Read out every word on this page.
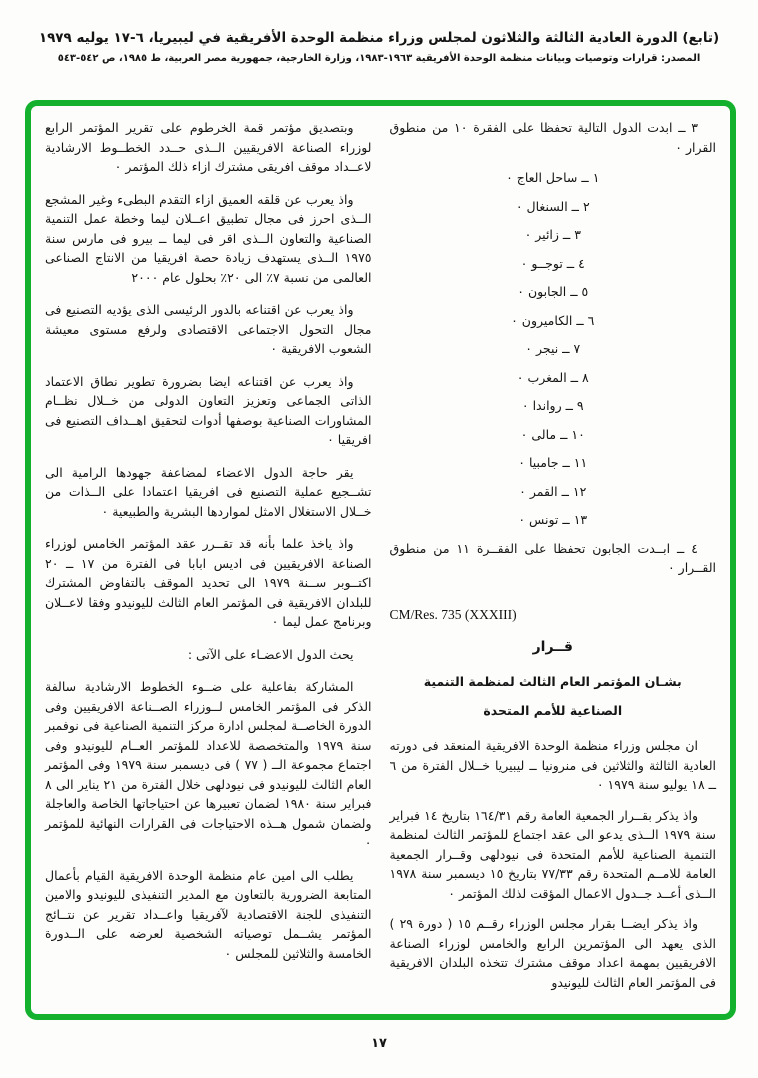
(تابع) الدورة العادية الثالثة والثلاثون لمجلس وزراء منظمة الوحدة الأفريقية في ليبيريا، ٦-١٧ يوليه ١٩٧٩
المصدر: قرارات وتوصيات وبيانات منظمة الوحدة الأفريقية ١٩٦٣-١٩٨٣، وزارة الخارجية، جمهورية مصر العربية، ط ١٩٨٥، ص ٥٤٢-٥٤٣
٣ ــ ابدت الدول التالية تحفظا على الفقرة ١٠ من منطوق القرار ٠
١ ــ ساحل العاج ٠
٢ ــ السنغال ٠
٣ ــ زائير ٠
٤ ــ توجــو ٠
٥ ــ الجابون ٠
٦ ــ الكاميرون ٠
٧ ــ نيجر ٠
٨ ــ المغرب ٠
٩ ــ رواندا ٠
١٠ ــ مالى ٠
١١ ــ جامبيا ٠
١٢ ــ القمر ٠
١٣ ــ تونس ٠
٤ ــ ابــدت الجابون تحفظا على الفقــرة ١١ من منطوق القــرار ٠
CM/Res. 735 (XXXIII)
قــرار
بشـان المؤتمر العام الثالث لمنظمة التنمية
الصناعية للأمم المتحدة
ان مجلس وزراء منظمة الوحدة الافريقية المنعقد فى دورته العادية الثالثة والثلاثين فى منرونيا ــ ليبيريا خــلال الفترة من ٦ ــ ١٨ يوليو سنة ١٩٧٩ ٠
واذ يذكر بقــرار الجمعية العامة رقم ١٦٤/٣١ بتاريخ ١٤ فبراير سنة ١٩٧٩ الــذى يدعو الى عقد اجتماع للمؤتمر الثالث لمنظمة التنمية الصناعية للأمم المتحدة فى نيودلهى وقــرار الجمعية العامة للامــم المتحدة رقم ٧٧/٣٣ بتاريخ ١٥ ديسمبر سنة ١٩٧٨ الــذى أعــد جــدول الاعمال المؤقت لذلك المؤتمر ٠
واذ يذكر ايضــا بقرار مجلس الوزراء رقــم ١٥ ( دورة ٢٩ ) الذى يعهد الى المؤتمرين الرابع والخامس لوزراء الصناعة الافريقيين بمهمة اعداد موقف مشترك تتخذه البلدان الافريقية فى المؤتمر العام الثالث لليونيدو
وبتصديق مؤتمر قمة الخرطوم على تقرير المؤتمر الرابع لوزراء الصناعة الافريقيين الــذى حــدد الخطــوط الارشادية لاعــداد موقف افريقى مشترك ازاء ذلك المؤتمر ٠
واذ يعرب عن قلقه العميق ازاء التقدم البطىء وغير المشجع الــذى احرز فى مجال تطبيق اعــلان ليما وخطة عمل التنمية الصناعية والتعاون الــذى اقر فى ليما ــ بيرو فى مارس سنة ١٩٧٥ الــذى يستهدف زيادة حصة افريقيا من الانتاج الصناعى العالمى من نسبة ٧٪ الى ٢٠٪ بحلول عام ٢٠٠٠
واذ يعرب عن اقتناعه بالدور الرئيسى الذى يؤديه التصنيع فى مجال التحول الاجتماعى الاقتصادى ولرفع مستوى معيشة الشعوب الافريقية ٠
واذ يعرب عن اقتناعه ايضا بضرورة تطوير نطاق الاعتماد الذاتى الجماعى وتعزيز التعاون الدولى من خــلال نظــام المشاورات الصناعية بوصفها أدوات لتحقيق اهــداف التصنيع فى افريقيا ٠
يقر حاجة الدول الاعضاء لمضاعفة جهودها الرامية الى تشــجيع عملية التصنيع فى افريقيا اعتمادا على الــذات من خــلال الاستغلال الامثل لمواردها البشرية والطبيعية ٠
واذ ياخذ علما بأنه قد تقــرر عقد المؤتمر الخامس لوزراء الصناعة الافريقيين فى اديس ابابا فى الفترة من ١٧ ــ ٢٠ اكتــوبر ســنة ١٩٧٩ الى تحديد الموقف بالتفاوض المشترك للبلدان الافريقية فى المؤتمر العام الثالث لليونيدو وفقا لاعــلان وبرنامج عمل ليما ٠
يحث الدول الاعضـاء على الآتى :
المشاركة بفاعلية على ضــوء الخطوط الارشادية سالفة الذكر فى المؤتمر الخامس لــوزراء الصــناعة الافريقيين وفى الدورة الخاصــة لمجلس ادارة مركز التنمية الصناعية فى نوفمبر سنة ١٩٧٩ والمتخصصة للاعداد للمؤتمر العــام لليونيدو وفى اجتماع مجموعة الــ ( ٧٧ ) فى ديسمبر سنة ١٩٧٩ وفى المؤتمر العام الثالث لليونيدو فى نيودلهى خلال الفترة من ٢١ يناير الى ٨ فبراير سنة ١٩٨٠ لضمان تعبيرها عن احتياجاتها الخاصة والعاجلة ولضمان شمول هــذه الاحتياجات فى القرارات النهائية للمؤتمر ٠
يطلب الى امين عام منظمة الوحدة الافريقية القيام بأعمال المتابعة الضرورية بالتعاون مع المدير التنفيذى لليونيدو والامين التنفيذى للجنة الاقتصادية لآفريقيا واعــداد تقرير عن نتــائج المؤتمر يشــمل توصياته الشخصية لعرضه على الــدورة الخامسة والثلاثين للمجلس ٠
١٧
